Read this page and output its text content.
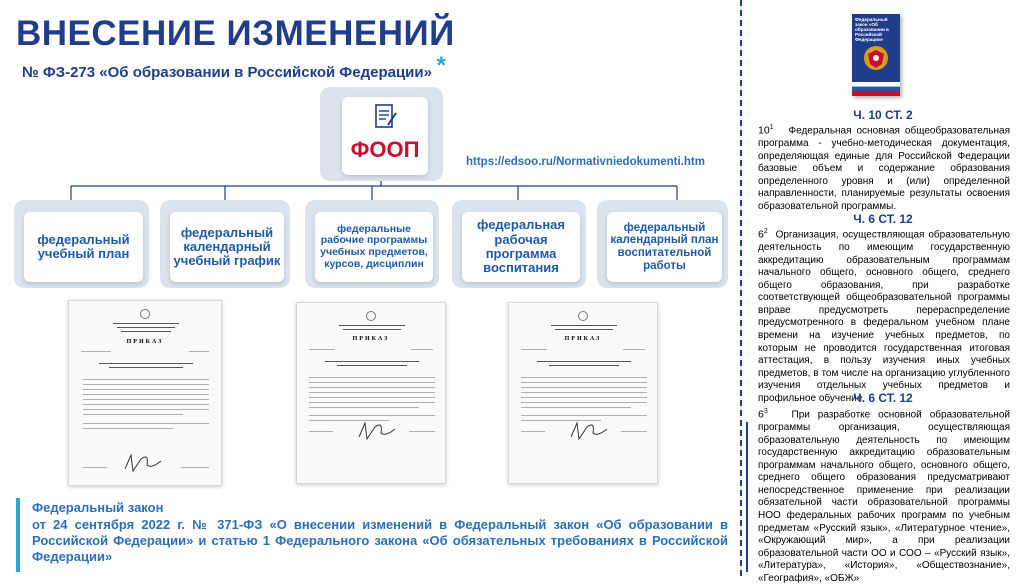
ВНЕСЕНИЕ ИЗМЕНЕНИЙ
№ ФЗ-273 «Об образовании в Российской Федерации» *
ФООП	https://edsoo.ru/Normativniedokumenti.htm
федеральный учебный план
федеральный календарный учебный график
федеральные рабочие программы учебных предметов, курсов, дисциплин
федеральная рабочая программа воспитания
федеральный календарный план воспитательной работы
ПРИКАЗ	ПРИКАЗ	ПРИКАЗ
Федеральный закон
от 24 сентября 2022 г. № 371-ФЗ «О внесении изменений в Федеральный закон «Об образовании в Российской Федерации» и статью 1 Федерального закона «Об обязательных требованиях в Российской Федерации»
Федеральный закон «Об образовании в Российской Федерации»
Ч. 10 СТ. 2
$10^1$ Федеральная основная общеобразовательная программа - учебно-методическая документация, определяющая единые для Российской Федерации базовые объем и содержание образования определенного уровня и (или) определенной направленности, планируемые результаты освоения образовательной программы.
Ч. 6 СТ. 12
$6^2$ Организация, осуществляющая образовательную деятельность по имеющим государственную аккредитацию образовательным программам начального общего, основного общего, среднего общего образования, при разработке соответствующей общеобразовательной программы вправе предусмотреть перераспределение предусмотренного в федеральном учебном плане времени на изучение учебных предметов, по которым не проводится государственная итоговая аттестация, в пользу изучения иных учебных предметов, в том числе на организацию углубленного изучения отдельных учебных предметов и профильное обучение
Ч. 6 СТ. 12
$6^3$ При разработке основной образовательной программы организация, осуществляющая образовательную деятельность по имеющим государственную аккредитацию образовательным программам начального общего, основного общего, среднего общего образования предусматривают непосредственное применение при реализации обязательной части образовательной программы НОО федеральных рабочих программ по учебным предметам «Русский язык», «Литературное чтение», «Окружающий мир», а при реализации образовательной части ОО и СОО – «Русский язык», «Литература», «История», «Обществознание», «География», «ОБЖ»
